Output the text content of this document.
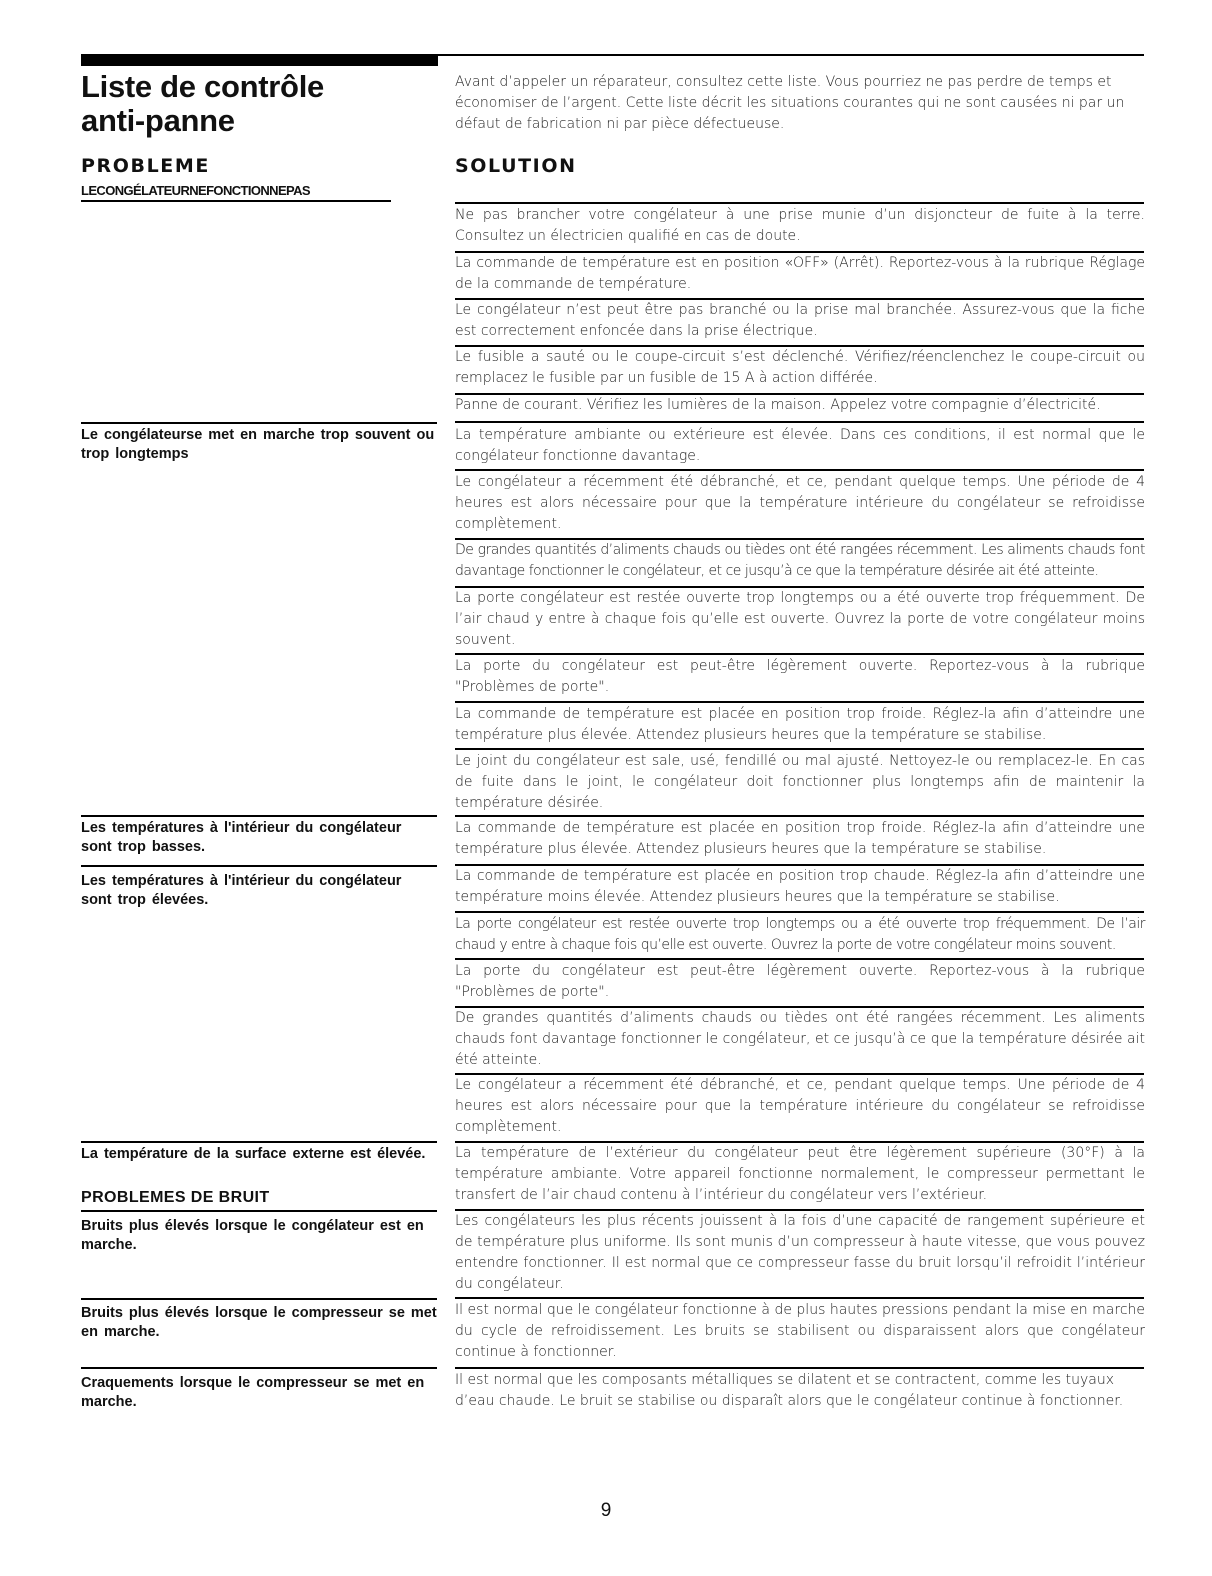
Liste de contrôle
anti-panne
Avant d’appeler un réparateur, consultez cette liste. Vous pourriez ne pas perdre de temps et économiser de l’argent. Cette liste décrit les situations courantes qui ne sont causées ni par un défaut de fabrication ni par pièce défectueuse.
PROBLEME	SOLUTION
LECONGÉLATEURNEFONCTIONNEPAS
Le congélateurse met en marche trop souvent ou trop longtemps
Les températures à l'intérieur du congélateur sont trop basses.
Les températures à l'intérieur du congélateur sont trop élevées.
La température de la surface externe est élevée.
PROBLEMES DE BRUIT
Bruits plus élevés lorsque le congélateur est en marche.
Bruits plus élevés lorsque le compresseur se met en marche.
Craquements lorsque le compresseur se met en marche.
Ne pas brancher votre congélateur à une prise munie d’un disjoncteur de fuite à la terre. Consultez un électricien qualifié en cas de doute.
La commande de température est en position «OFF» (Arrêt). Reportez-vous à la rubrique Réglage de la commande de température.
Le congélateur n’est peut être pas branché ou la prise mal branchée. Assurez-vous que la fiche est correctement enfoncée dans la prise électrique.
Le fusible a sauté ou le coupe-circuit s’est déclenché. Vérifiez/réenclenchez le coupe-circuit ou remplacez le fusible par un fusible de 15 A à action différée.
Panne de courant. Vérifiez les lumières de la maison. Appelez votre compagnie d’électricité.
La température ambiante ou extérieure est élevée. Dans ces conditions, il est normal que le congélateur fonctionne davantage.
Le congélateur a récemment été débranché, et ce, pendant quelque temps. Une période de 4 heures est alors nécessaire pour que la température intérieure du congélateur se refroidisse complètement.
De grandes quantités d’aliments chauds ou tièdes ont été rangées récemment. Les aliments chauds font davantage fonctionner le congélateur, et ce jusqu’à ce que la température désirée ait été atteinte.
La porte congélateur est restée ouverte trop longtemps ou a été ouverte trop fréquemment. De l’air chaud y entre à chaque fois qu’elle est ouverte. Ouvrez la porte de votre congélateur moins souvent.
La porte du congélateur est peut-être légèrement ouverte. Reportez-vous à la rubrique "Problèmes de porte".
La commande de température est placée en position trop froide. Réglez-la afin d’atteindre une température plus élevée. Attendez plusieurs heures que la température se stabilise.
Le joint du congélateur est sale, usé, fendillé ou mal ajusté. Nettoyez-le ou remplacez-le. En cas de fuite dans le joint, le congélateur doit fonctionner plus longtemps afin de maintenir la température désirée.
La commande de température est placée en position trop froide. Réglez-la afin d’atteindre une température plus élevée. Attendez plusieurs heures que la température se stabilise.
La commande de température est placée en position trop chaude. Réglez-la afin d’atteindre une température moins élevée. Attendez plusieurs heures que la température se stabilise.
La porte congélateur est restée ouverte trop longtemps ou a été ouverte trop fréquemment. De l’air chaud y entre à chaque fois qu’elle est ouverte. Ouvrez la porte de votre congélateur moins souvent.
La porte du congélateur est peut-être légèrement ouverte. Reportez-vous à la rubrique "Problèmes de porte".
De grandes quantités d’aliments chauds ou tièdes ont été rangées récemment. Les aliments chauds font davantage fonctionner le congélateur, et ce jusqu’à ce que la température désirée ait été atteinte.
Le congélateur a récemment été débranché, et ce, pendant quelque temps. Une période de 4 heures est alors nécessaire pour que la température intérieure du congélateur se refroidisse complètement.
La température de l’extérieur du congélateur peut être légèrement supérieure (30°F) à la température ambiante. Votre appareil fonctionne normalement, le compresseur permettant le transfert de l’air chaud contenu à l’intérieur du congélateur vers l’extérieur.
Les congélateurs les plus récents jouissent à la fois d’une capacité de rangement supérieure et de température plus uniforme. Ils sont munis d’un compresseur à haute vitesse, que vous pouvez entendre fonctionner. Il est normal que ce compresseur fasse du bruit lorsqu’il refroidit l’intérieur du congélateur.
Il est normal que le congélateur fonctionne à de plus hautes pressions pendant la mise en marche du cycle de refroidissement. Les bruits se stabilisent ou disparaissent alors que congélateur continue à fonctionner.
Il est normal que les composants métalliques se dilatent et se contractent, comme les tuyaux d’eau chaude. Le bruit se stabilise ou disparaît alors que le congélateur continue à fonctionner.
9
